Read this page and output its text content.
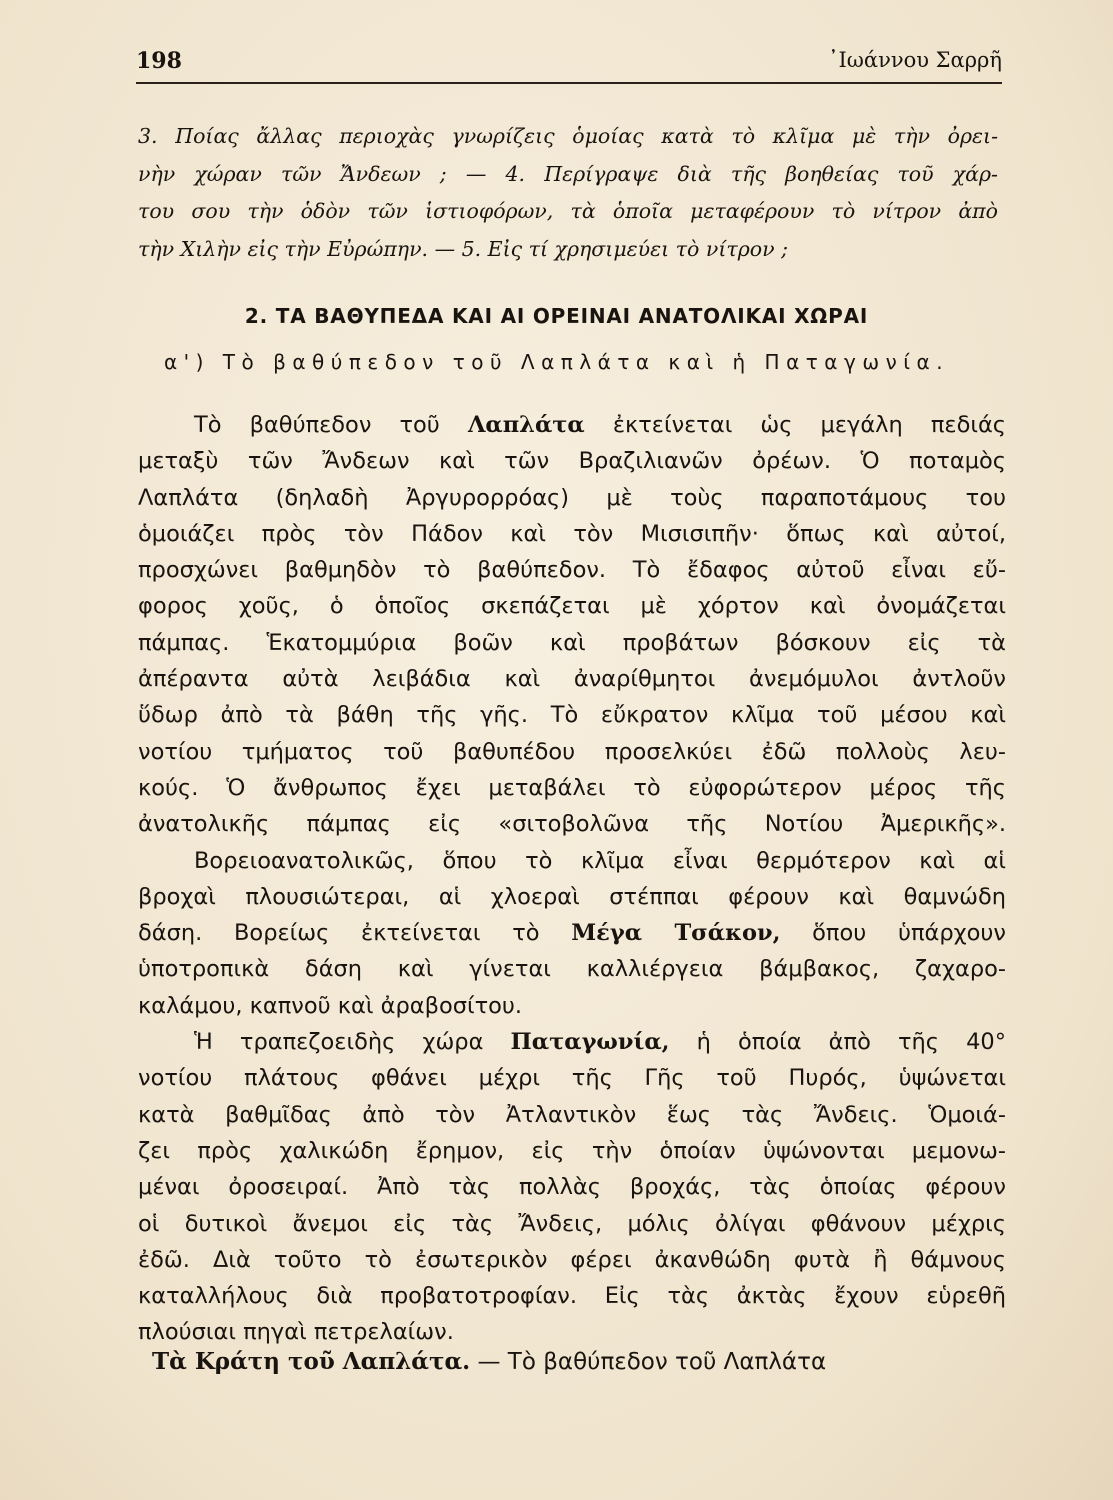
198	᾿Ιωάννου Σαρρῆ
3. Ποίας ἄλλας περιοχὰς γνωρίζεις ὁμοίας κατὰ τὸ κλῖμα μὲ τὴν ὀρει-
νὴν χώραν τῶν Ἄνδεων ; — 4. Περίγραψε διὰ τῆς βοηθείας τοῦ χάρ-
του σου τὴν ὁδὸν τῶν ἱστιοφόρων, τὰ ὁποῖα μεταφέρουν τὸ νίτρον ἀπὸ
τὴν Χιλὴν εἰς τὴν Εὐρώπην. — 5. Εἰς τί χρησιμεύει τὸ νίτρον ;
2. ΤΑ ΒΑΘΥΠΕΔΑ ΚΑΙ ΑΙ ΟΡΕΙΝΑΙ ΑΝΑΤΟΛΙΚΑΙ ΧΩΡΑΙ
α') Τὸ βαθύπεδον τοῦ Λαπλάτα καὶ ἡ Παταγωνία.
Τὸ βαθύπεδον τοῦ Λαπλάτα ἐκτείνεται ὡς μεγάλη πεδιάς
μεταξὺ τῶν Ἄνδεων καὶ τῶν Βραζιλιανῶν ὀρέων. Ὁ ποταμὸς
Λαπλάτα (δηλαδὴ Ἀργυρορρόας) μὲ τοὺς παραποτάμους του
ὁμοιάζει πρὸς τὸν Πάδον καὶ τὸν Μισισιπῆν· ὅπως καὶ αὐτοί,
προσχώνει βαθμηδὸν τὸ βαθύπεδον. Τὸ ἔδαφος αὐτοῦ εἶναι εὔ-
φορος χοῦς, ὁ ὁποῖος σκεπάζεται μὲ χόρτον καὶ ὀνομάζεται
πάμπας. Ἑκατομμύρια βοῶν καὶ προβάτων βόσκουν εἰς τὰ
ἀπέραντα αὐτὰ λειβάδια καὶ ἀναρίθμητοι ἀνεμόμυλοι ἀντλοῦν
ὕδωρ ἀπὸ τὰ βάθη τῆς γῆς. Τὸ εὔκρατον κλῖμα τοῦ μέσου καὶ
νοτίου τμήματος τοῦ βαθυπέδου προσελκύει ἐδῶ πολλοὺς λευ-
κούς. Ὁ ἄνθρωπος ἔχει μεταβάλει τὸ εὐφορώτερον μέρος τῆς
ἀνατολικῆς πάμπας εἰς «σιτοβολῶνα τῆς Νοτίου Ἀμερικῆς».
Βορειοανατολικῶς, ὅπου τὸ κλῖμα εἶναι θερμότερον καὶ αἱ
βροχαὶ πλουσιώτεραι, αἱ χλοεραὶ στέππαι φέρουν καὶ θαμνώδη
δάση. Βορείως ἐκτείνεται τὸ Μέγα Τσάκον, ὅπου ὑπάρχουν
ὑποτροπικὰ δάση καὶ γίνεται καλλιέργεια βάμβακος, ζαχαρο-
καλάμου, καπνοῦ καὶ ἀραβοσίτου.
Ἡ τραπεζοειδὴς χώρα Παταγωνία, ἡ ὁποία ἀπὸ τῆς 40°
νοτίου πλάτους φθάνει μέχρι τῆς Γῆς τοῦ Πυρός, ὑψώνεται
κατὰ βαθμῖδας ἀπὸ τὸν Ἀτλαντικὸν ἕως τὰς Ἄνδεις. Ὁμοιά-
ζει πρὸς χαλικώδη ἔρημον, εἰς τὴν ὁποίαν ὑψώνονται μεμονω-
μέναι ὀροσειραί. Ἀπὸ τὰς πολλὰς βροχάς, τὰς ὁποίας φέρουν
οἱ δυτικοὶ ἄνεμοι εἰς τὰς Ἄνδεις, μόλις ὀλίγαι φθάνουν μέχρις
ἐδῶ. Διὰ τοῦτο τὸ ἐσωτερικὸν φέρει ἀκανθώδη φυτὰ ἢ θάμνους
καταλλήλους διὰ προβατοτροφίαν. Εἰς τὰς ἀκτὰς ἔχουν εὑρεθῆ
πλούσιαι πηγαὶ πετρελαίων.
Τὰ Κράτη τοῦ Λαπλάτα. — Τὸ βαθύπεδον τοῦ Λαπλάτα
